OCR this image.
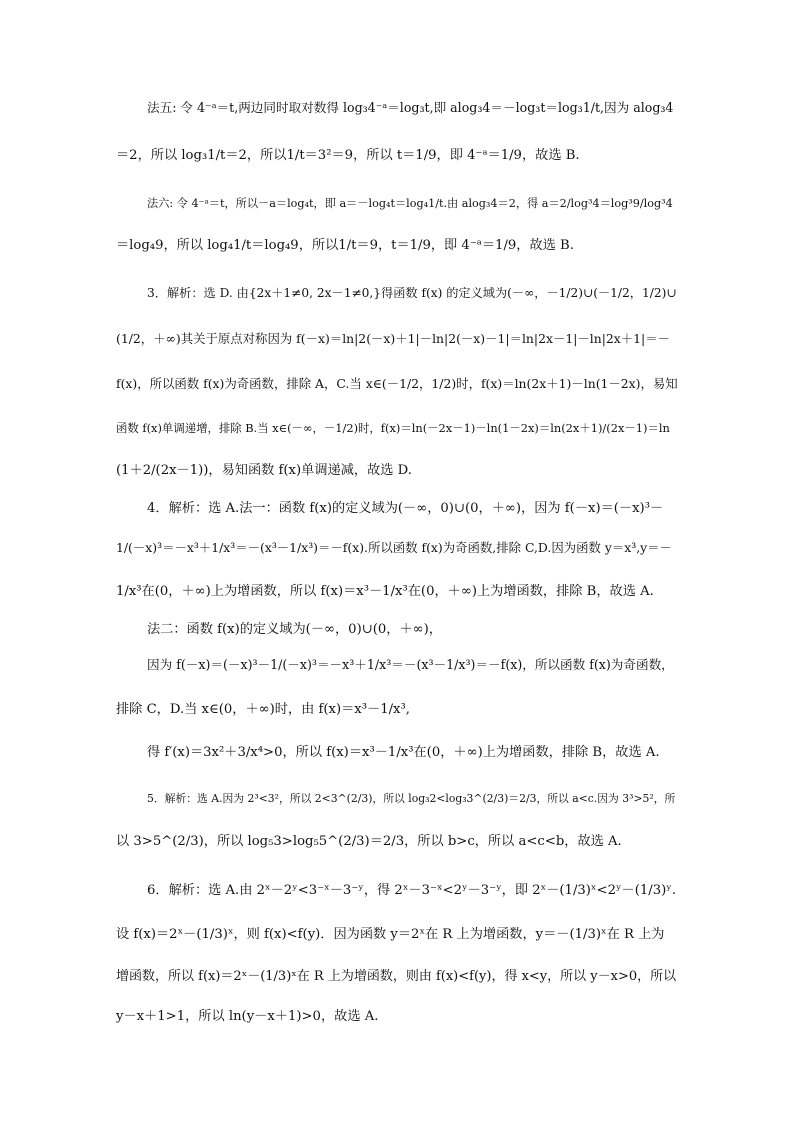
法五: 令 4⁻ᵃ＝t,两边同时取对数得 log₃4⁻ᵃ＝log₃t,即 alog₃4＝－log₃t＝log₃1/t,因为 alog₃4
＝2，所以 log₃1/t＝2，所以1/t＝3²＝9，所以 t＝1/9，即 4⁻ᵃ＝1/9，故选 B.
法六: 令 4⁻ᵃ＝t，所以－a＝log₄t，即 a＝－log₄t＝log₄1/t.由 alog₃4＝2，得 a＝2/log³4＝log³9/log³4
＝log₄9，所以 log₄1/t＝log₄9，所以1/t＝9，t＝1/9，即 4⁻ᵃ＝1/9，故选 B.
3．解析：选 D. 由{2x＋1≠0, 2x－1≠0,}得函数 f(x) 的定义域为(－∞，－1/2)∪(－1/2，1/2)∪
(1/2，＋∞)其关于原点对称因为 f(－x)＝ln|2(－x)＋1|－ln|2(－x)－1|＝ln|2x－1|－ln|2x＋1|＝－
f(x)，所以函数 f(x)为奇函数，排除 A，C.当 x∈(－1/2，1/2)时，f(x)＝ln(2x＋1)－ln(1－2x)，易知
函数 f(x)单调递增，排除 B.当 x∈(－∞，－1/2)时，f(x)＝ln(－2x－1)－ln(1－2x)＝ln(2x＋1)/(2x－1)＝ln
(1＋2/(2x－1))，易知函数 f(x)单调递减，故选 D.
4．解析：选 A.法一：函数 f(x)的定义域为(－∞，0)∪(0，＋∞)，因为 f(－x)＝(－x)³－
1/(－x)³＝－x³＋1/x³＝－(x³－1/x³)＝－f(x).所以函数 f(x)为奇函数,排除 C,D.因为函数 y＝x³,y＝－
1/x³在(0，＋∞)上为增函数，所以 f(x)＝x³－1/x³在(0，＋∞)上为增函数，排除 B，故选 A.
法二：函数 f(x)的定义域为(－∞，0)∪(0，＋∞)，
因为 f(－x)＝(－x)³－1/(－x)³＝－x³＋1/x³＝－(x³－1/x³)＝－f(x)，所以函数 f(x)为奇函数，
排除 C，D.当 x∈(0，＋∞)时，由 f(x)＝x³－1/x³,
得 f′(x)＝3x²＋3/x⁴>0，所以 f(x)＝x³－1/x³在(0，＋∞)上为增函数，排除 B，故选 A.
5．解析：选 A.因为 2³<3²，所以 2<3^(2/3)，所以 log₃2<log₃3^(2/3)＝2/3，所以 a<c.因为 3³>5²，所
以 3>5^(2/3)，所以 log₅3>log₅5^(2/3)＝2/3，所以 b>c，所以 a<c<b，故选 A.
6．解析：选 A.由 2ˣ－2ʸ<3⁻ˣ－3⁻ʸ，得 2ˣ－3⁻ˣ<2ʸ－3⁻ʸ，即 2ˣ－(1/3)ˣ<2ʸ－(1/3)ʸ.
设 f(x)＝2ˣ－(1/3)ˣ，则 f(x)<f(y)．因为函数 y＝2ˣ在 R 上为增函数，y＝－(1/3)ˣ在 R 上为
增函数，所以 f(x)＝2ˣ－(1/3)ˣ在 R 上为增函数，则由 f(x)<f(y)，得 x<y，所以 y－x>0，所以
y－x＋1>1，所以 ln(y－x＋1)>0，故选 A.
